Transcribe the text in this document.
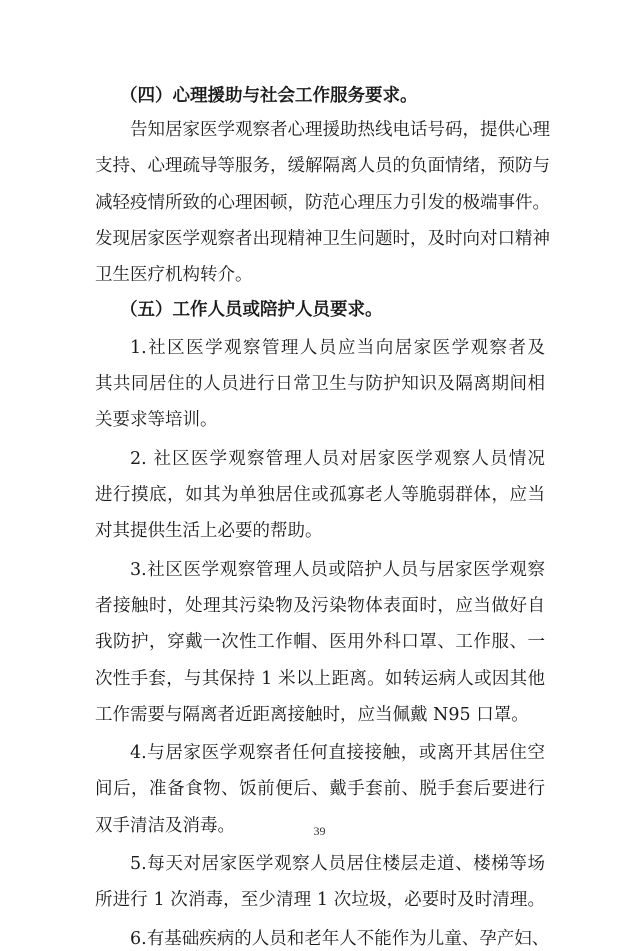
（四）心理援助与社会工作服务要求。
告知居家医学观察者心理援助热线电话号码，提供心理
支持、心理疏导等服务，缓解隔离人员的负面情绪，预防与
减轻疫情所致的心理困顿，防范心理压力引发的极端事件。
发现居家医学观察者出现精神卫生问题时，及时向对口精神
卫生医疗机构转介。
（五）工作人员或陪护人员要求。
1.社区医学观察管理人员应当向居家医学观察者及
其共同居住的人员进行日常卫生与防护知识及隔离期间相
关要求等培训。
2. 社区医学观察管理人员对居家医学观察人员情况
进行摸底，如其为单独居住或孤寡老人等脆弱群体，应当
对其提供生活上必要的帮助。
3.社区医学观察管理人员或陪护人员与居家医学观察
者接触时，处理其污染物及污染物体表面时，应当做好自
我防护，穿戴一次性工作帽、医用外科口罩、工作服、一
次性手套，与其保持 1 米以上距离。如转运病人或因其他
工作需要与隔离者近距离接触时，应当佩戴 N95 口罩。
4.与居家医学观察者任何直接接触，或离开其居住空
间后，准备食物、饭前便后、戴手套前、脱手套后要进行
双手清洁及消毒。	39
5.每天对居家医学观察人员居住楼层走道、楼梯等场
所进行 1 次消毒，至少清理 1 次垃圾，必要时及时清理。
6.有基础疾病的人员和老年人不能作为儿童、孕产妇、
